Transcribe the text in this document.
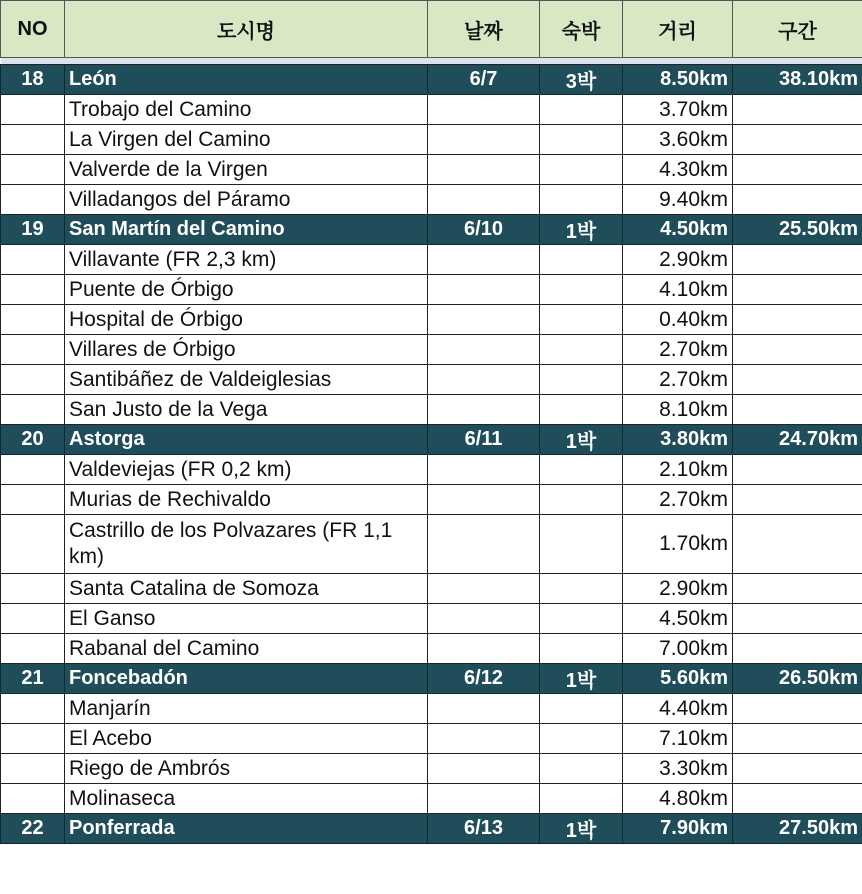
NO	도시명	날짜	숙박	거리	구간

18	León	6/7	3박	8.50km	38.10km
	Trobajo del Camino			3.70km	
	La Virgen del Camino			3.60km	
	Valverde de la Virgen			4.30km	
	Villadangos del Páramo			9.40km	
19	San Martín del Camino	6/10	1박	4.50km	25.50km
	Villavante (FR 2,3 km)			2.90km	
	Puente de Órbigo			4.10km	
	Hospital de Órbigo			0.40km	
	Villares de Órbigo			2.70km	
	Santibáñez de Valdeiglesias			2.70km	
	San Justo de la Vega			8.10km	
20	Astorga	6/11	1박	3.80km	24.70km
	Valdeviejas (FR 0,2 km)			2.10km	
	Murias de Rechivaldo			2.70km	
	Castrillo de los Polvazares (FR 1,1 km)			1.70km	
	Santa Catalina de Somoza			2.90km	
	El Ganso			4.50km	
	Rabanal del Camino			7.00km	
21	Foncebadón	6/12	1박	5.60km	26.50km
	Manjarín			4.40km	
	El Acebo			7.10km	
	Riego de Ambrós			3.30km	
	Molinaseca			4.80km	
22	Ponferrada	6/13	1박	7.90km	27.50km
